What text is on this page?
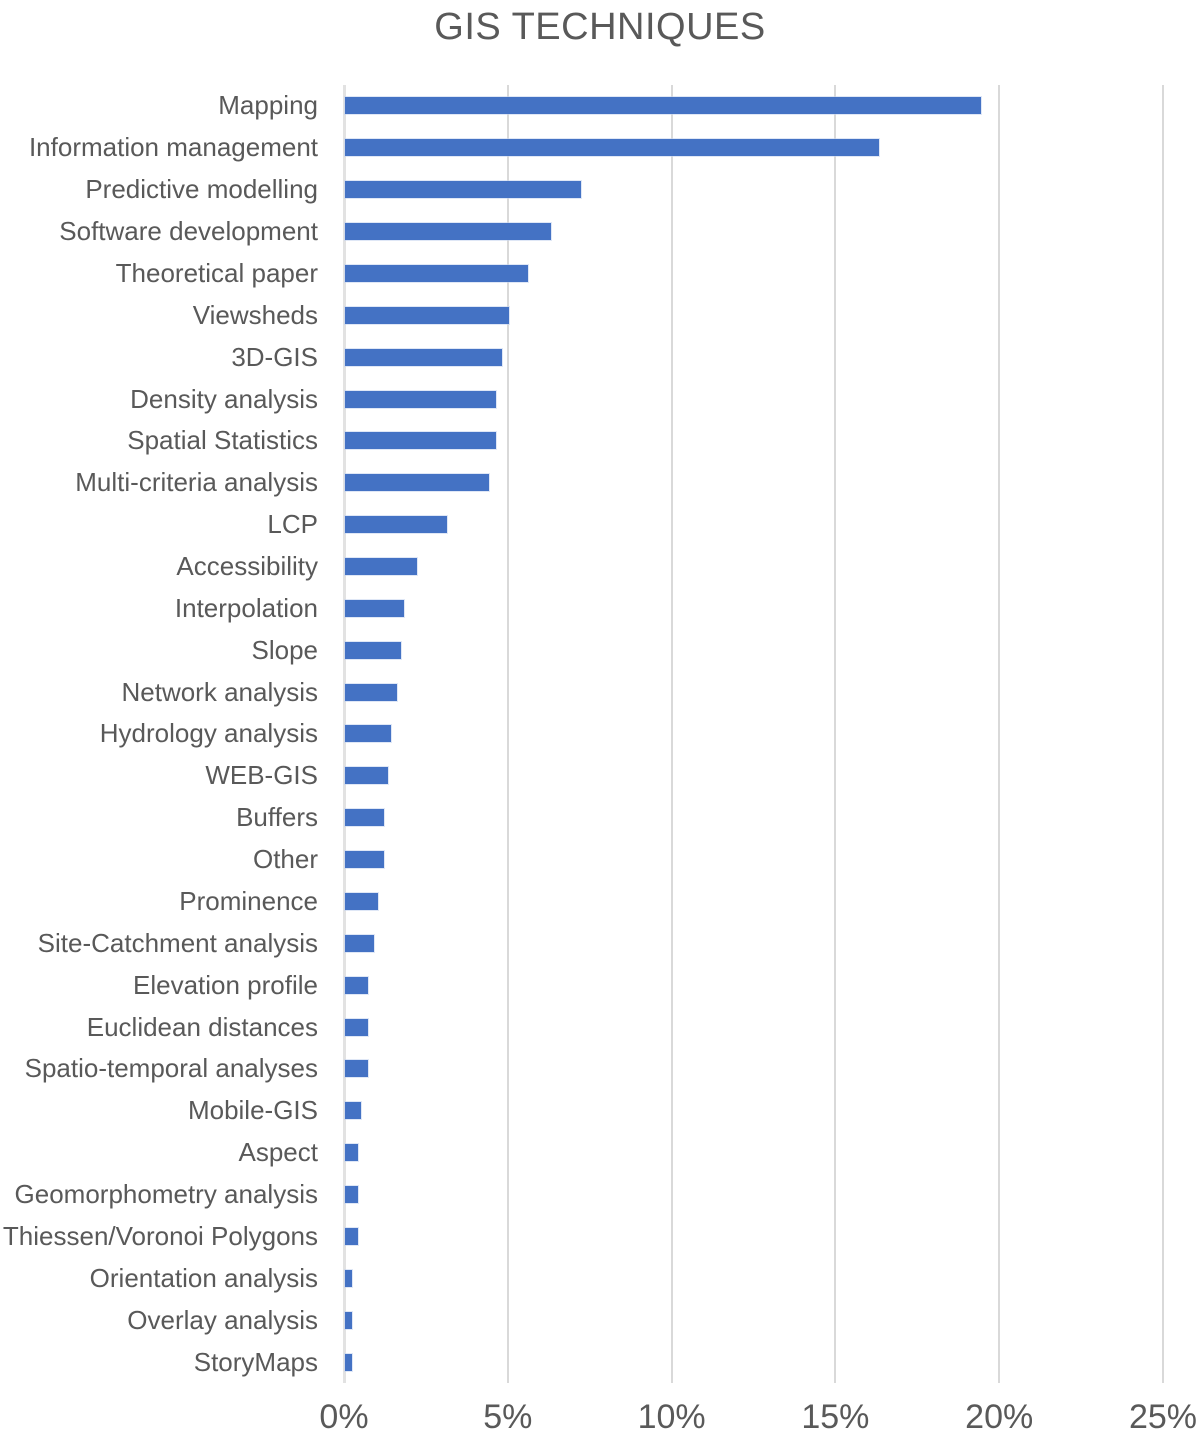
GIS TECHNIQUES
Mapping
Information management
Predictive modelling
Software development
Theoretical paper
Viewsheds
3D-GIS
Density analysis
Spatial Statistics
Multi-criteria analysis
LCP
Accessibility
Interpolation
Slope
Network analysis
Hydrology analysis
WEB-GIS
Buffers
Other
Prominence
Site-Catchment analysis
Elevation profile
Euclidean distances
Spatio-temporal analyses
Mobile-GIS
Aspect
Geomorphometry analysis
Thiessen/Voronoi Polygons
Orientation analysis
Overlay analysis
StoryMaps
0%	5%	10%	15%	20%	25%
